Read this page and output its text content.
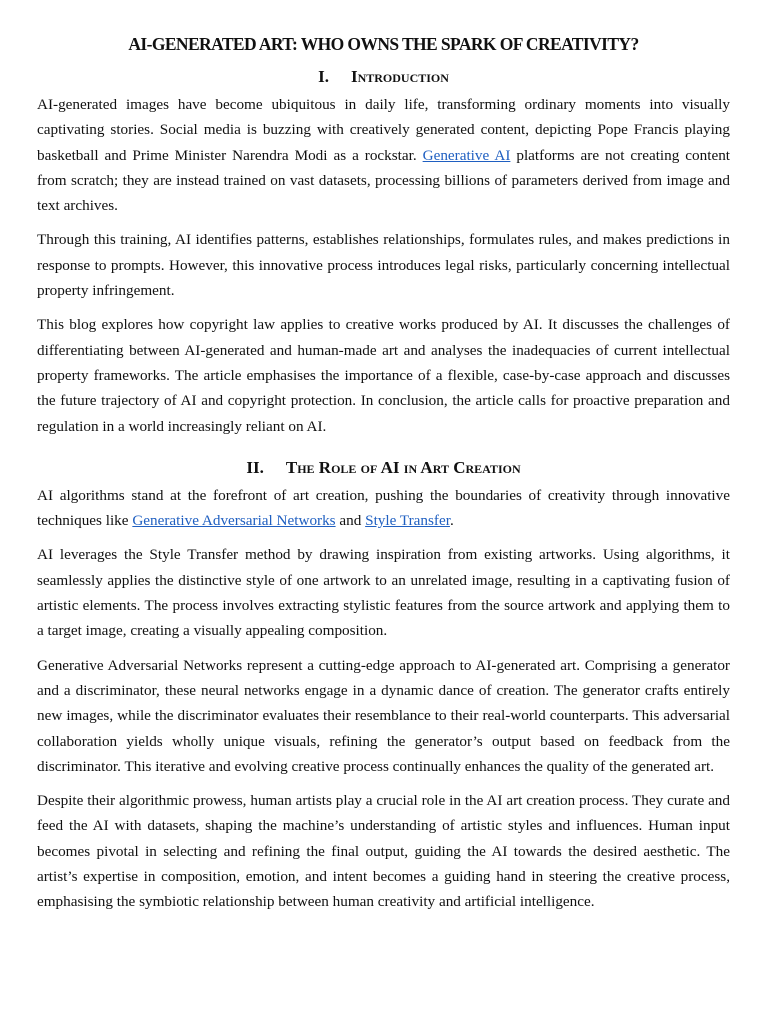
AI-GENERATED ART: WHO OWNS THE SPARK OF CREATIVITY?
I. Introduction

AI-generated images have become ubiquitous in daily life, transforming ordinary moments into visually captivating stories. Social media is buzzing with creatively generated content, depicting Pope Francis playing basketball and Prime Minister Narendra Modi as a rockstar. Generative AI platforms are not creating content from scratch; they are instead trained on vast datasets, processing billions of parameters derived from image and text archives.

Through this training, AI identifies patterns, establishes relationships, formulates rules, and makes predictions in response to prompts. However, this innovative process introduces legal risks, particularly concerning intellectual property infringement.

This blog explores how copyright law applies to creative works produced by AI. It discusses the challenges of differentiating between AI-generated and human-made art and analyses the inadequacies of current intellectual property frameworks. The article emphasises the importance of a flexible, case-by-case approach and discusses the future trajectory of AI and copyright protection. In conclusion, the article calls for proactive preparation and regulation in a world increasingly reliant on AI.

II. The Role of AI in Art Creation

AI algorithms stand at the forefront of art creation, pushing the boundaries of creativity through innovative techniques like Generative Adversarial Networks and Style Transfer.

AI leverages the Style Transfer method by drawing inspiration from existing artworks. Using algorithms, it seamlessly applies the distinctive style of one artwork to an unrelated image, resulting in a captivating fusion of artistic elements. The process involves extracting stylistic features from the source artwork and applying them to a target image, creating a visually appealing composition.

Generative Adversarial Networks represent a cutting-edge approach to AI-generated art. Comprising a generator and a discriminator, these neural networks engage in a dynamic dance of creation. The generator crafts entirely new images, while the discriminator evaluates their resemblance to their real-world counterparts. This adversarial collaboration yields wholly unique visuals, refining the generator’s output based on feedback from the discriminator. This iterative and evolving creative process continually enhances the quality of the generated art.

Despite their algorithmic prowess, human artists play a crucial role in the AI art creation process. They curate and feed the AI with datasets, shaping the machine’s understanding of artistic styles and influences. Human input becomes pivotal in selecting and refining the final output, guiding the AI towards the desired aesthetic. The artist’s expertise in composition, emotion, and intent becomes a guiding hand in steering the creative process, emphasising the symbiotic relationship between human creativity and artificial intelligence.
